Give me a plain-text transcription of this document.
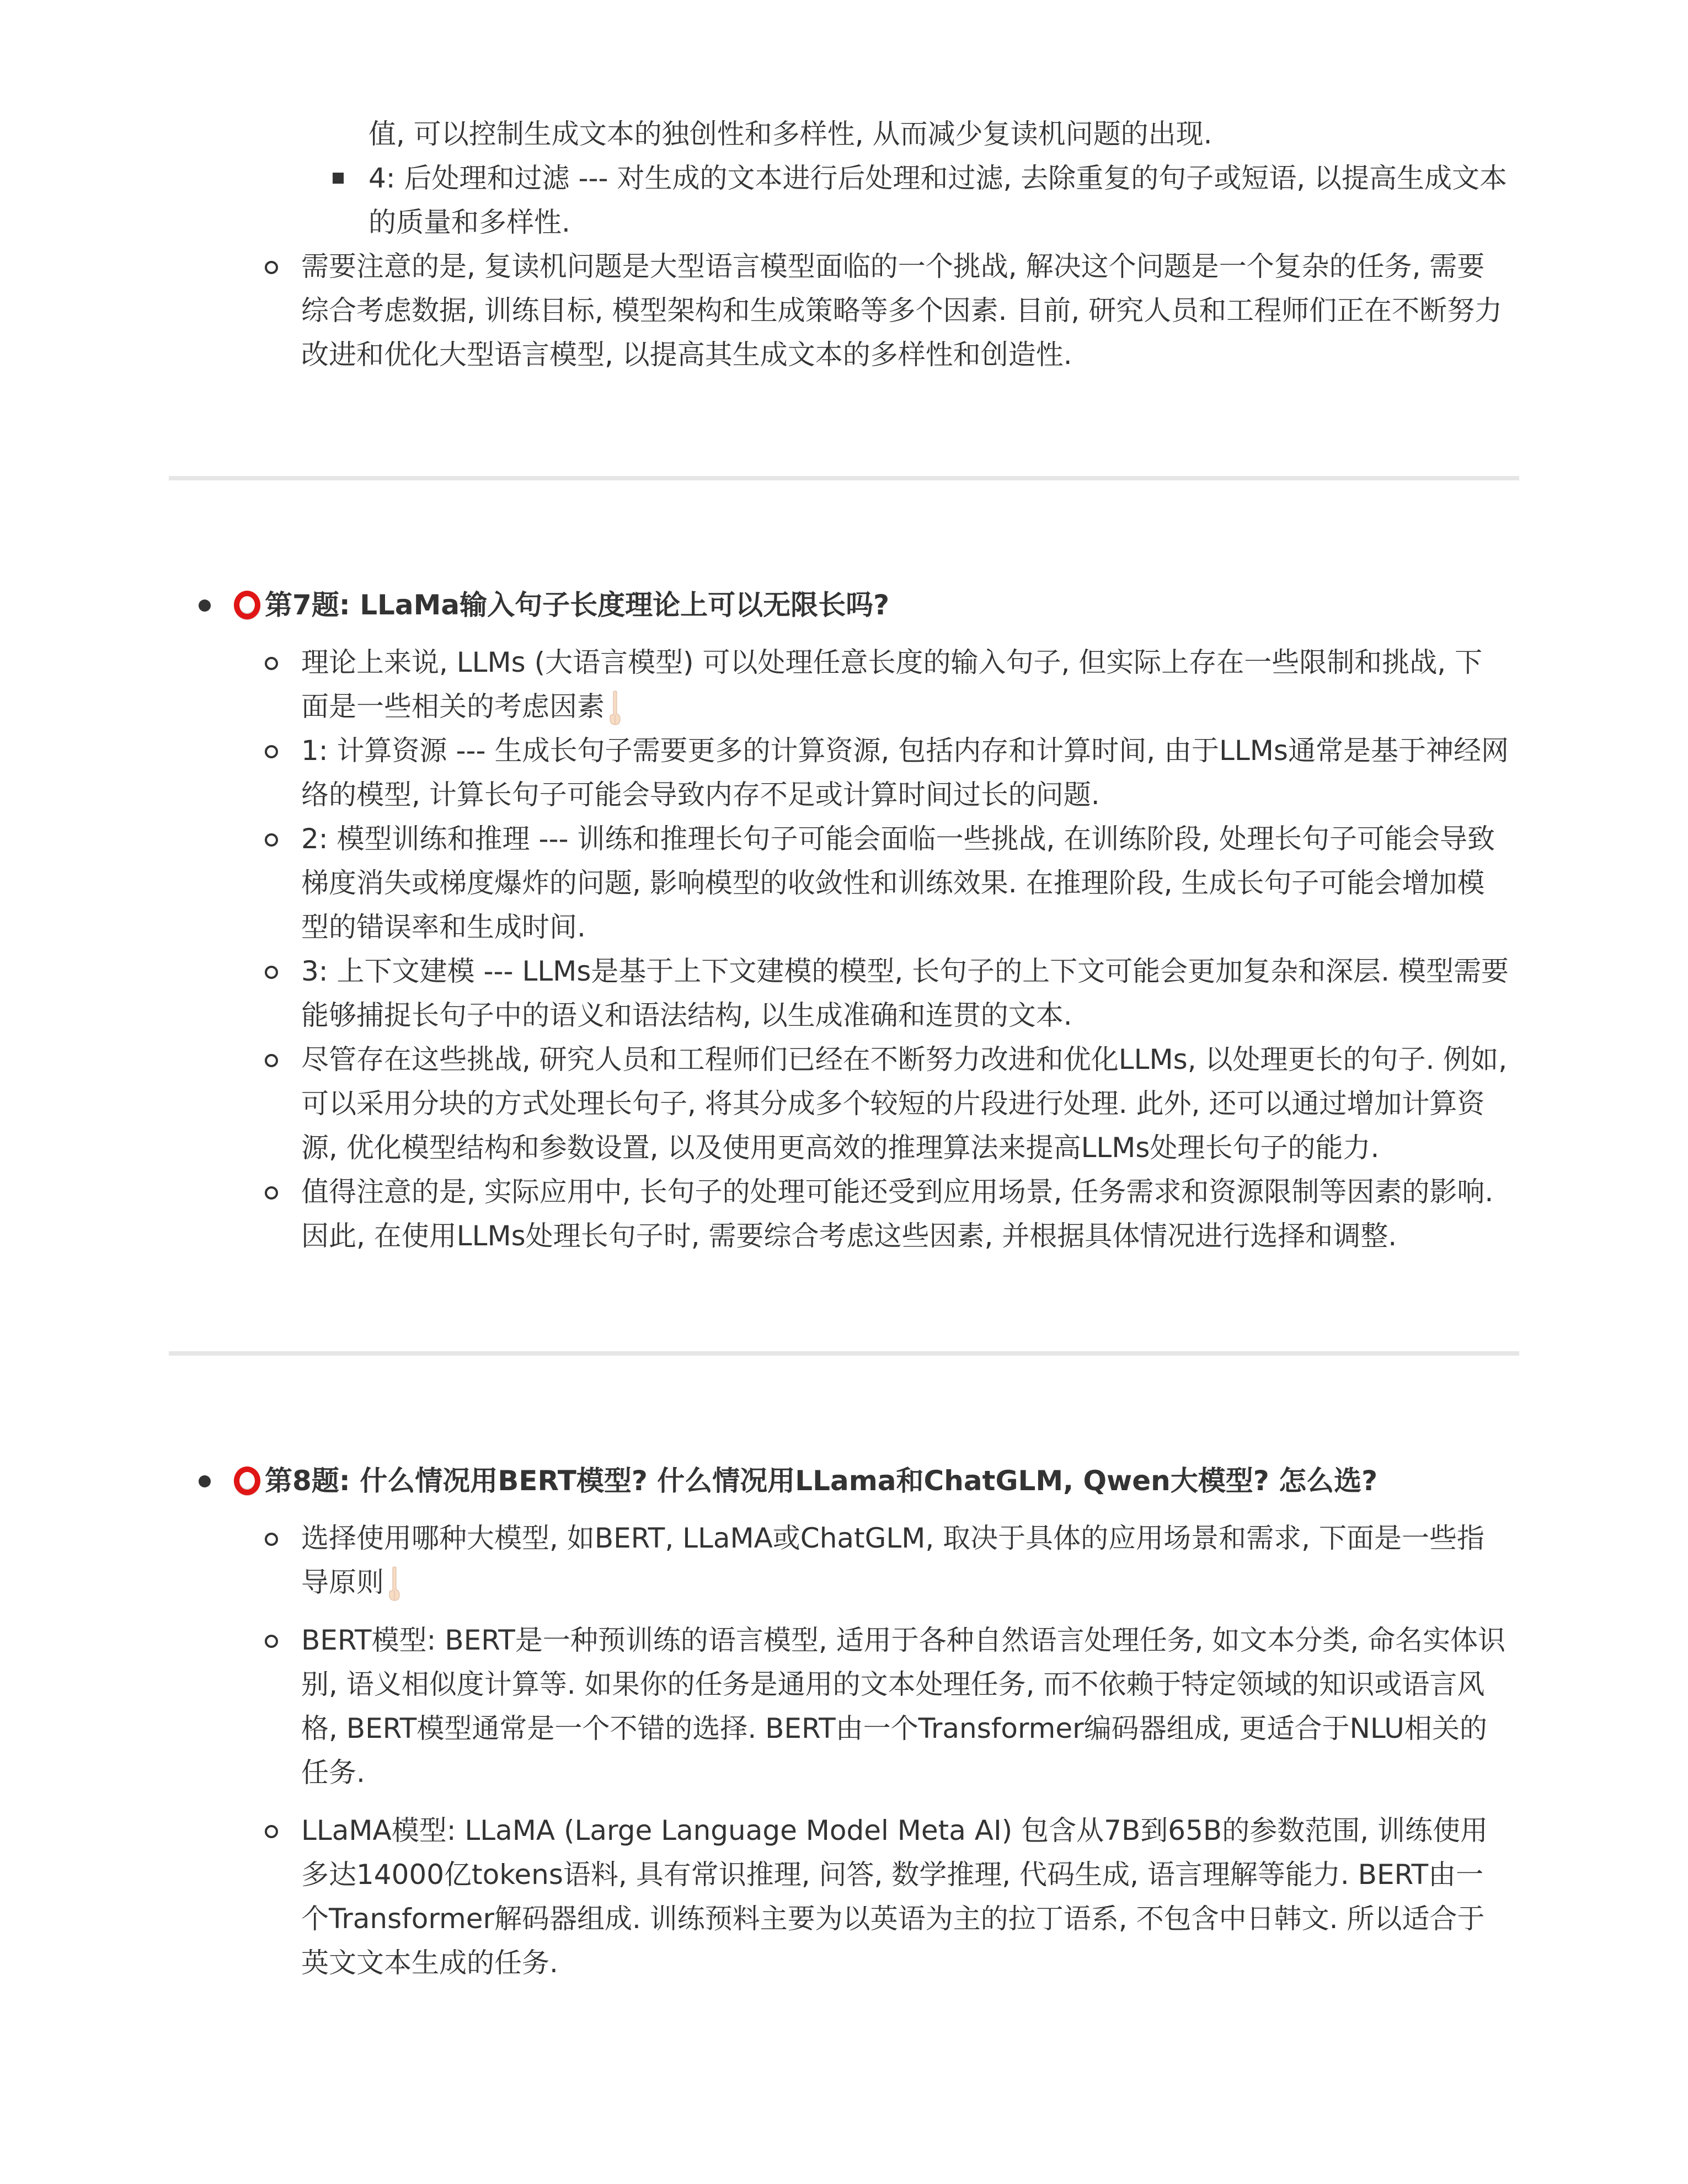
值, 可以控制生成文本的独创性和多样性, 从而减少复读机问题的出现.
4: 后处理和过滤 --- 对生成的文本进行后处理和过滤, 去除重复的句子或短语, 以提高生成文本的质量和多样性.
需要注意的是, 复读机问题是大型语言模型面临的一个挑战, 解决这个问题是一个复杂的任务, 需要综合考虑数据, 训练目标, 模型架构和生成策略等多个因素. 目前, 研究人员和工程师们正在不断努力改进和优化大型语言模型, 以提高其生成文本的多样性和创造性.
第7题: LLaMa输入句子长度理论上可以无限长吗?
理论上来说, LLMs (大语言模型) 可以处理任意长度的输入句子, 但实际上存在一些限制和挑战, 下面是一些相关的考虑因素
1: 计算资源 --- 生成长句子需要更多的计算资源, 包括内存和计算时间, 由于LLMs通常是基于神经网络的模型, 计算长句子可能会导致内存不足或计算时间过长的问题.
2: 模型训练和推理 --- 训练和推理长句子可能会面临一些挑战, 在训练阶段, 处理长句子可能会导致梯度消失或梯度爆炸的问题, 影响模型的收敛性和训练效果. 在推理阶段, 生成长句子可能会增加模型的错误率和生成时间.
3: 上下文建模 --- LLMs是基于上下文建模的模型, 长句子的上下文可能会更加复杂和深层. 模型需要能够捕捉长句子中的语义和语法结构, 以生成准确和连贯的文本.
尽管存在这些挑战, 研究人员和工程师们已经在不断努力改进和优化LLMs, 以处理更长的句子. 例如, 可以采用分块的方式处理长句子, 将其分成多个较短的片段进行处理. 此外, 还可以通过增加计算资源, 优化模型结构和参数设置, 以及使用更高效的推理算法来提高LLMs处理长句子的能力.
值得注意的是, 实际应用中, 长句子的处理可能还受到应用场景, 任务需求和资源限制等因素的影响. 因此, 在使用LLMs处理长句子时, 需要综合考虑这些因素, 并根据具体情况进行选择和调整.
第8题: 什么情况用BERT模型? 什么情况用LLama和ChatGLM, Qwen大模型? 怎么选?
选择使用哪种大模型, 如BERT, LLaMA或ChatGLM, 取决于具体的应用场景和需求, 下面是一些指导原则
BERT模型: BERT是一种预训练的语言模型, 适用于各种自然语言处理任务, 如文本分类, 命名实体识别, 语义相似度计算等. 如果你的任务是通用的文本处理任务, 而不依赖于特定领域的知识或语言风格, BERT模型通常是一个不错的选择. BERT由一个Transformer编码器组成, 更适合于NLU相关的任务.
LLaMA模型: LLaMA (Large Language Model Meta AI) 包含从7B到65B的参数范围, 训练使用多达14000亿tokens语料, 具有常识推理, 问答, 数学推理, 代码生成, 语言理解等能力. BERT由一个Transformer解码器组成. 训练预料主要为以英语为主的拉丁语系, 不包含中日韩文. 所以适合于英文文本生成的任务.
